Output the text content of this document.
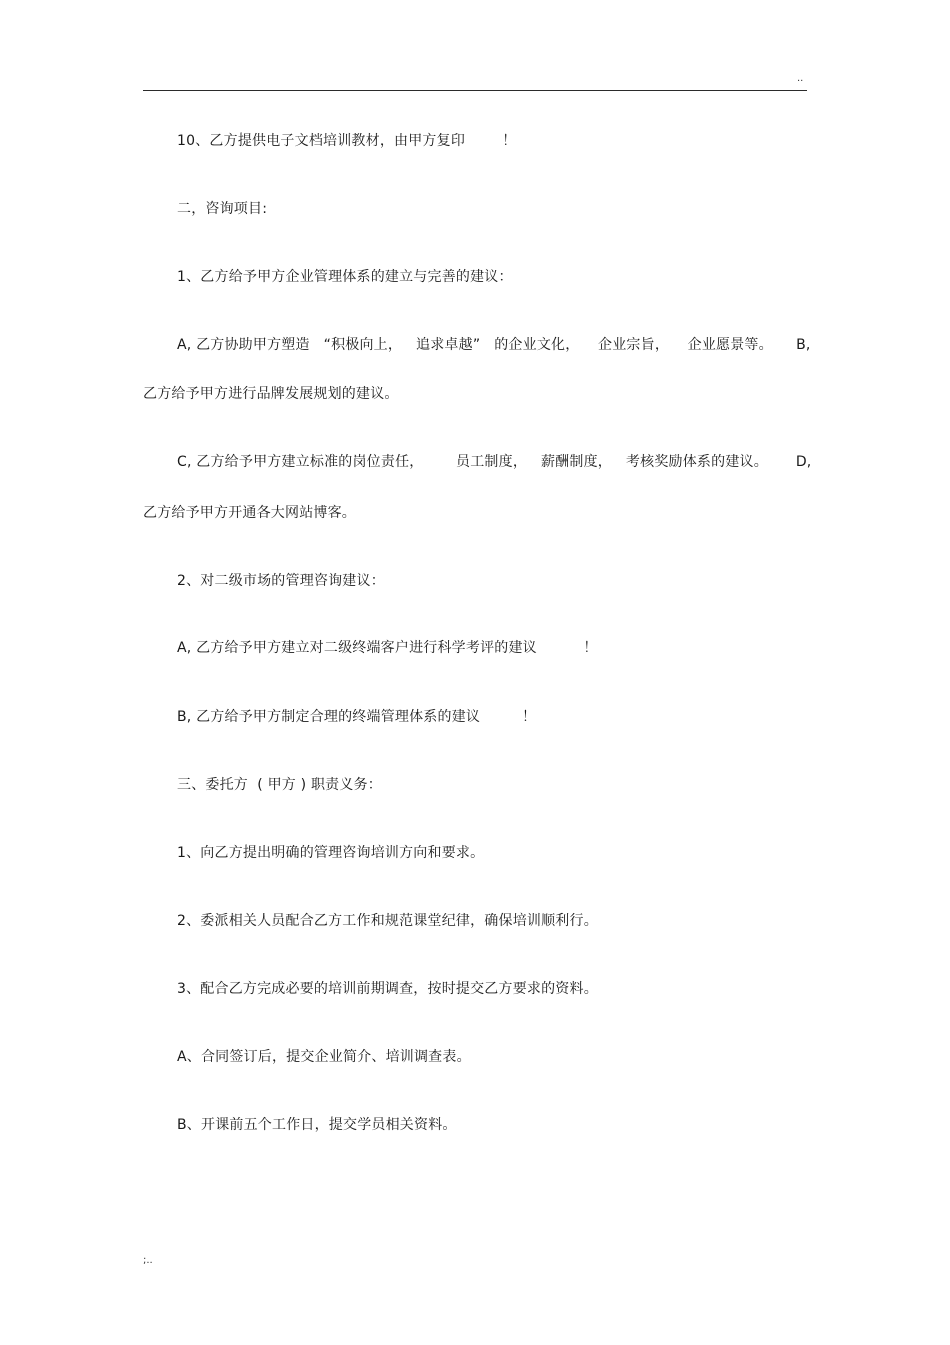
..
10、乙方提供电子文档培训教材，由甲方复印        ！
二，咨询项目:
1、乙方给予甲方企业管理体系的建立与完善的建议：
A, 乙方协助甲方塑造   “积极向上，   追求卓越”   的企业文化，    企业宗旨，    企业愿景等。     B,
乙方给予甲方进行品牌发展规划的建议。
C, 乙方给予甲方建立标准的岗位责任，       员工制度，   薪酬制度，   考核奖励体系的建议。      D,
乙方给予甲方开通各大网站博客。
2、对二级市场的管理咨询建议：
A, 乙方给予甲方建立对二级终端客户进行科学考评的建议          ！
B, 乙方给予甲方制定合理的终端管理体系的建议         ！
三、委托方  ( 甲方 ) 职责义务：
1、向乙方提出明确的管理咨询培训方向和要求。
2、委派相关人员配合乙方工作和规范课堂纪律，确保培训顺利行。
3、配合乙方完成必要的培训前期调查，按时提交乙方要求的资料。
A、合同签订后，提交企业简介、培训调查表。
B、开课前五个工作日，提交学员相关资料。
;..
